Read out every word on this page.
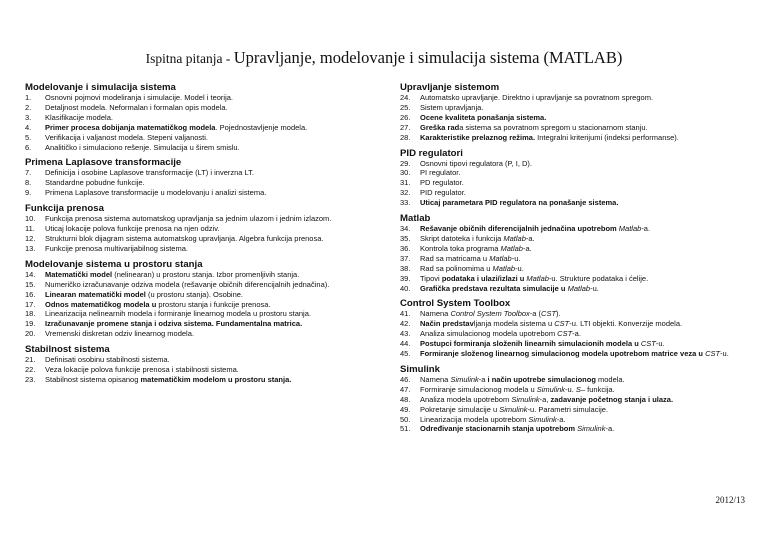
Ispitna pitanja - Upravljanje, modelovanje i simulacija sistema (MATLAB)
Modelovanje i simulacija sistema
1. Osnovni pojmovi modeliranja i simulacije. Model i teorija.
2. Detaljnost modela. Neformalan i formalan opis modela.
3. Klasifikacije modela.
4. Primer procesa dobijanja matematičkog modela. Pojednostavljenje modela.
5. Verifikacija i valjanost modela. Stepeni valjanosti.
6. Analitičko i simulaciono rešenje. Simulacija u širem smislu.
Primena Laplasove transformacije
7. Definicija i osobine Laplasove transformacije (LT) i inverzna LT.
8. Standardne pobudne funkcije.
9. Primena Laplasove transformacije u modelovanju i analizi sistema.
Funkcija prenosa
10. Funkcija prenosa sistema automatskog upravljanja sa jednim ulazom i jednim izlazom.
11. Uticaj lokacije polova funkcije prenosa na njen odziv.
12. Strukturni blok dijagram sistema automatskog upravljanja. Algebra funkcija prenosa.
13. Funkcije prenosa multivarijabilnog sistema.
Modelovanje sistema u prostoru stanja
14. Matematički model (nelinearan) u prostoru stanja. Izbor promenljivih stanja.
15. Numeričko izračunavanje odziva modela (rešavanje običnih diferencijalnih jednačina).
16. Linearan matematički model (u prostoru stanja). Osobine.
17. Odnos matematičkog modela u prostoru stanja i funkcije prenosa.
18. Linearizacija nelinearnih modela i formiranje linearnog modela u prostoru stanja.
19. Izračunavanje promene stanja i odziva sistema. Fundamentalna matrica.
20. Vremenski diskretan odziv linearnog modela.
Stabilnost sistema
21. Definisati osobinu stabilnosti sistema.
22. Veza lokacije polova funkcije prenosa i stabilnosti sistema.
23. Stabilnost sistema opisanog matematičkim modelom u prostoru stanja.
Upravljanje sistemom
24. Automatsko upravljanje. Direktno i upravljanje sa povratnom spregom.
25. Sistem upravljanja.
26. Ocene kvaliteta ponašanja sistema.
27. Greška rada sistema sa povratnom spregom u stacionarnom stanju.
28. Karakteristike prelaznog režima. Integralni kriterijumi (indeksi performanse).
PID regulatori
29. Osnovni tipovi regulatora (P, I, D).
30. PI regulator.
31. PD regulator.
32. PID regulator.
33. Uticaj parametara PID regulatora na ponašanje sistema.
Matlab
34. Rešavanje običnih diferencijalnih jednačina upotrebom Matlab-a.
35. Skript datoteka i funkcija Matlab-a.
36. Kontrola toka programa Matlab-a.
37. Rad sa matricama u Matlab-u.
38. Rad sa polinomima u Matlab-u.
39. Tipovi podataka i ulazi/izlazi u Matlab-u. Strukture podataka i ćelije.
40. Grafička predstava rezultata simulacije u Matlab-u.
Control System Toolbox
41. Namena Control System Toolbox-a (CST).
42. Način predstavljanja modela sistema u CST-u. LTI objekti. Konverzije modela.
43. Analiza simulacionog modela upotrebom CST-a.
44. Postupci formiranja složenih linearnih simulacionih modela u CST-u.
45. Formiranje složenog linearnog simulacionog modela upotrebom matrice veza u CST-u.
Simulink
46. Namena Simulink-a i način upotrebe simulacionog modela.
47. Formiranje simulacionog modela u Simulink-u. S– funkcija.
48. Analiza modela upotrebom Simulink-a, zadavanje početnog stanja i ulaza.
49. Pokretanje simulacije u Simulink-u. Parametri simulacije.
50. Linearizacija modela upotrebom Simulink-a.
51. Određivanje stacionarnih stanja upotrebom Simulink-a.
2012/13
